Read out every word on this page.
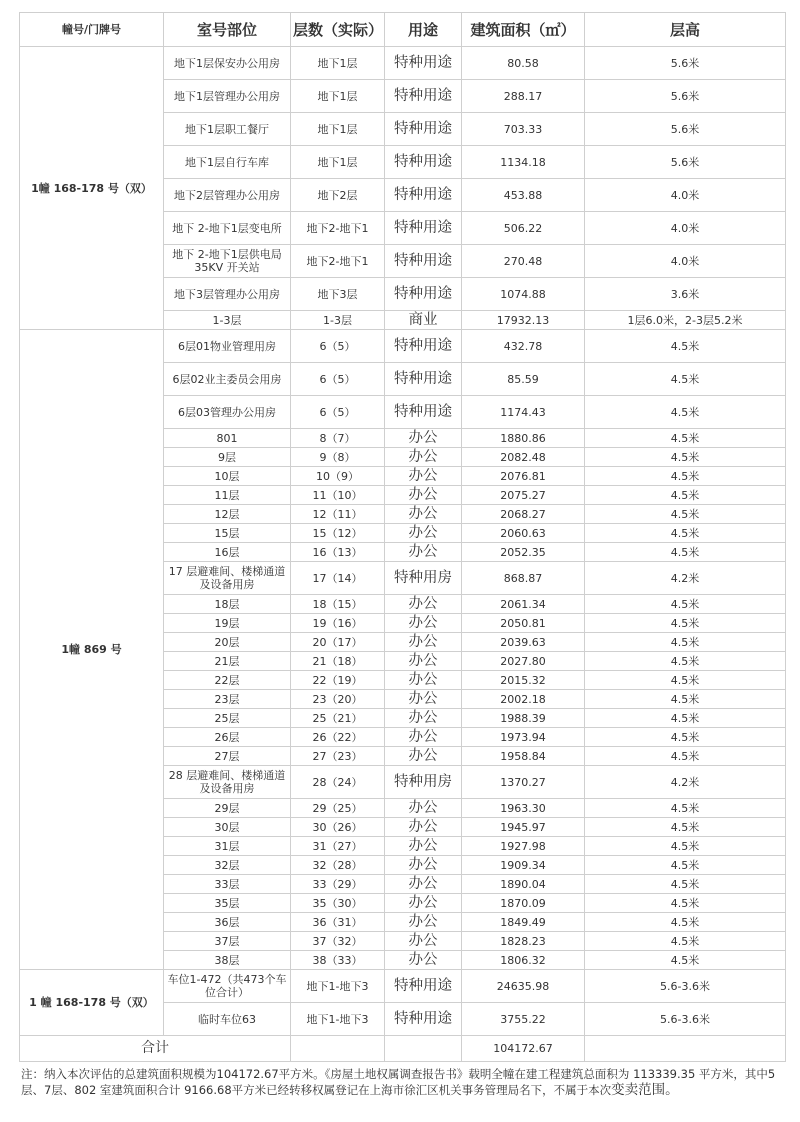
幢号/门牌号	室号部位	层数（实际）	用途	建筑面积（㎡）	层高
1幢 168-178 号（双）	地下1层保安办公用房	地下1层	特种用途	80.58	5.6米
	地下1层管理办公用房	地下1层	特种用途	288.17	5.6米
	地下1层职工餐厅	地下1层	特种用途	703.33	5.6米
	地下1层自行车库	地下1层	特种用途	1134.18	5.6米
	地下2层管理办公用房	地下2层	特种用途	453.88	4.0米
	地下 2-地下1层变电所	地下2-地下1	特种用途	506.22	4.0米
	地下 2-地下1层供电局35KV 开关站	地下2-地下1	特种用途	270.48	4.0米
	地下3层管理办公用房	地下3层	特种用途	1074.88	3.6米
	1-3层	1-3层	商业	17932.13	1层6.0米，2-3层5.2米
1幢 869 号	6层01物业管理用房	6（5）	特种用途	432.78	4.5米
	6层02业主委员会用房	6（5）	特种用途	85.59	4.5米
	6层03管理办公用房	6（5）	特种用途	1174.43	4.5米
	801	8（7）	办公	1880.86	4.5米
	9层	9（8）	办公	2082.48	4.5米
	10层	10（9）	办公	2076.81	4.5米
	11层	11（10）	办公	2075.27	4.5米
	12层	12（11）	办公	2068.27	4.5米
	15层	15（12）	办公	2060.63	4.5米
	16层	16（13）	办公	2052.35	4.5米
	17 层避难间、楼梯通道及设备用房	17（14）	特种用房	868.87	4.2米
	18层	18（15）	办公	2061.34	4.5米
	19层	19（16）	办公	2050.81	4.5米
	20层	20（17）	办公	2039.63	4.5米
	21层	21（18）	办公	2027.80	4.5米
	22层	22（19）	办公	2015.32	4.5米
	23层	23（20）	办公	2002.18	4.5米
	25层	25（21）	办公	1988.39	4.5米
	26层	26（22）	办公	1973.94	4.5米
	27层	27（23）	办公	1958.84	4.5米
	28 层避难间、楼梯通道及设备用房	28（24）	特种用房	1370.27	4.2米
	29层	29（25）	办公	1963.30	4.5米
	30层	30（26）	办公	1945.97	4.5米
	31层	31（27）	办公	1927.98	4.5米
	32层	32（28）	办公	1909.34	4.5米
	33层	33（29）	办公	1890.04	4.5米
	35层	35（30）	办公	1870.09	4.5米
	36层	36（31）	办公	1849.49	4.5米
	37层	37（32）	办公	1828.23	4.5米
	38层	38（33）	办公	1806.32	4.5米
1 幢 168-178 号（双）	车位1-472（共473个车位合计）	地下1-地下3	特种用途	24635.98	5.6-3.6米
	临时车位63	地下1-地下3	特种用途	3755.22	5.6-3.6米
合计				104172.67	
注：纳入本次评估的总建筑面积规模为104172.67平方米。《房屋土地权属调查报告书》载明全幢在建工程建筑总面积为 113339.35 平方米，其中5层、7层、802 室建筑面积合计 9166.68平方米已经转移权属登记在上海市徐汇区机关事务管理局名下，不属于本次变卖范围。
